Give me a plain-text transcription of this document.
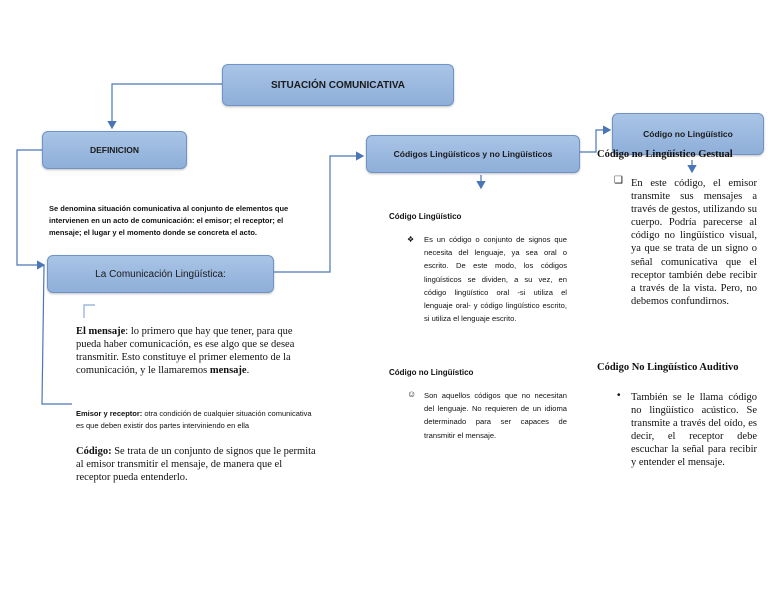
SITUACIÓN COMUNICATIVA
DEFINICION
La Comunicación Lingüística:
Códigos Lingüísticos y no Lingüísticos
Código no Lingüístico
Se denomina situación comunicativa al conjunto de elementos que intervienen en un acto de comunicación: el emisor; el receptor; el mensaje; el lugar y el momento donde se concreta el acto.
El mensaje: lo primero que hay que tener, para que pueda haber comunicación, es ese algo que se desea transmitir. Esto constituye el primer elemento de la comunicación, y le llamaremos mensaje.
Emisor y receptor: otra condición de cualquier situación comunicativa es que deben existir dos partes interviniendo en ella
Código: Se trata de un conjunto de signos que le permita al emisor transmitir el mensaje, de manera que el receptor pueda entenderlo.
Código Lingüístico
❖ Es un código o conjunto de signos que necesita del lenguaje, ya sea oral o escrito. De este modo, los códigos lingüísticos se dividen, a su vez, en código lingüístico oral -si utiliza el lenguaje oral- y código lingüístico escrito, si utiliza el lenguaje escrito.
Código no Lingüístico
☺ Son aquellos códigos que no necesitan del lenguaje. No requieren de un idioma determinado para ser capaces de transmitir el mensaje.
Código no Lingüístico Gestual
❑ En este código, el emisor transmite sus mensajes a través de gestos, utilizando su cuerpo. Podría parecerse al código no lingüístico visual, ya que se trata de un signo o señal comunicativa que el receptor también debe recibir a través de la vista. Pero, no debemos confundirnos.
Código No Lingüístico Auditivo
• También se le llama código no lingüístico acústico. Se transmite a través del oído, es decir, el receptor debe escuchar la señal para recibir y entender el mensaje.
